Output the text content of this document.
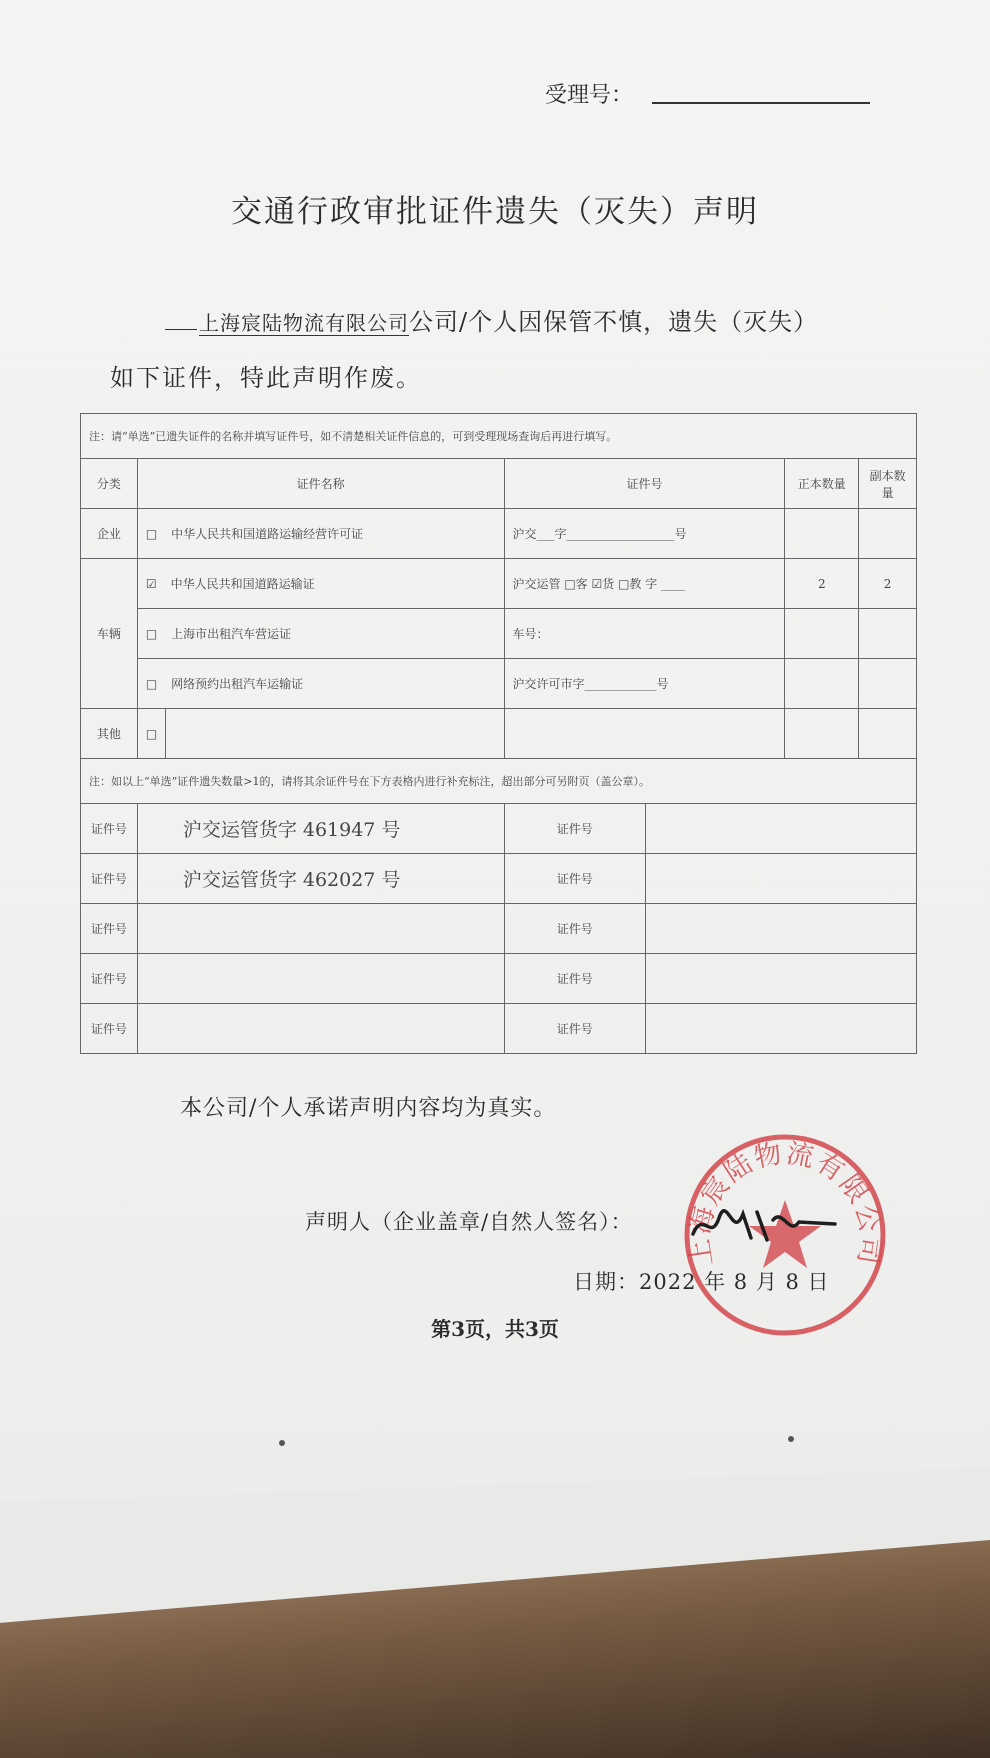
受理号：
交通行政审批证件遗失（灭失）声明
上海宸陆物流有限公司公司/个人因保管不慎，遗失（灭失）
如下证件，特此声明作废。
注：请“单选”已遗失证件的名称并填写证件号，如不清楚相关证件信息的，可到受理现场查询后再进行填写。						
分类	证件名称		证件号		正本数量	副本数量
企业	□ 中华人民共和国道路运输经营许可证		沪交___字__________________号			
车辆	☑ 中华人民共和国道路运输证		沪交运管 □客 ☑货 □教 字 ____		2	2
	□ 上海市出租汽车营运证		车号：			
	□ 网络预约出租汽车运输证		沪交许可市字____________号			
其他	□					
注：如以上“单选”证件遗失数量>1的，请将其余证件号在下方表格内进行补充标注，超出部分可另附页（盖公章）。						
证件号	沪交运管货字 461947 号		证件号			
证件号	沪交运管货字 462027 号		证件号			
证件号			证件号			
证件号			证件号			
证件号			证件号			
本公司/个人承诺声明内容均为真实。
声明人（企业盖章/自然人签名）：
日期：2022 年 8 月 8 日
第3页，共3页
上海宸陆物流有限公司
